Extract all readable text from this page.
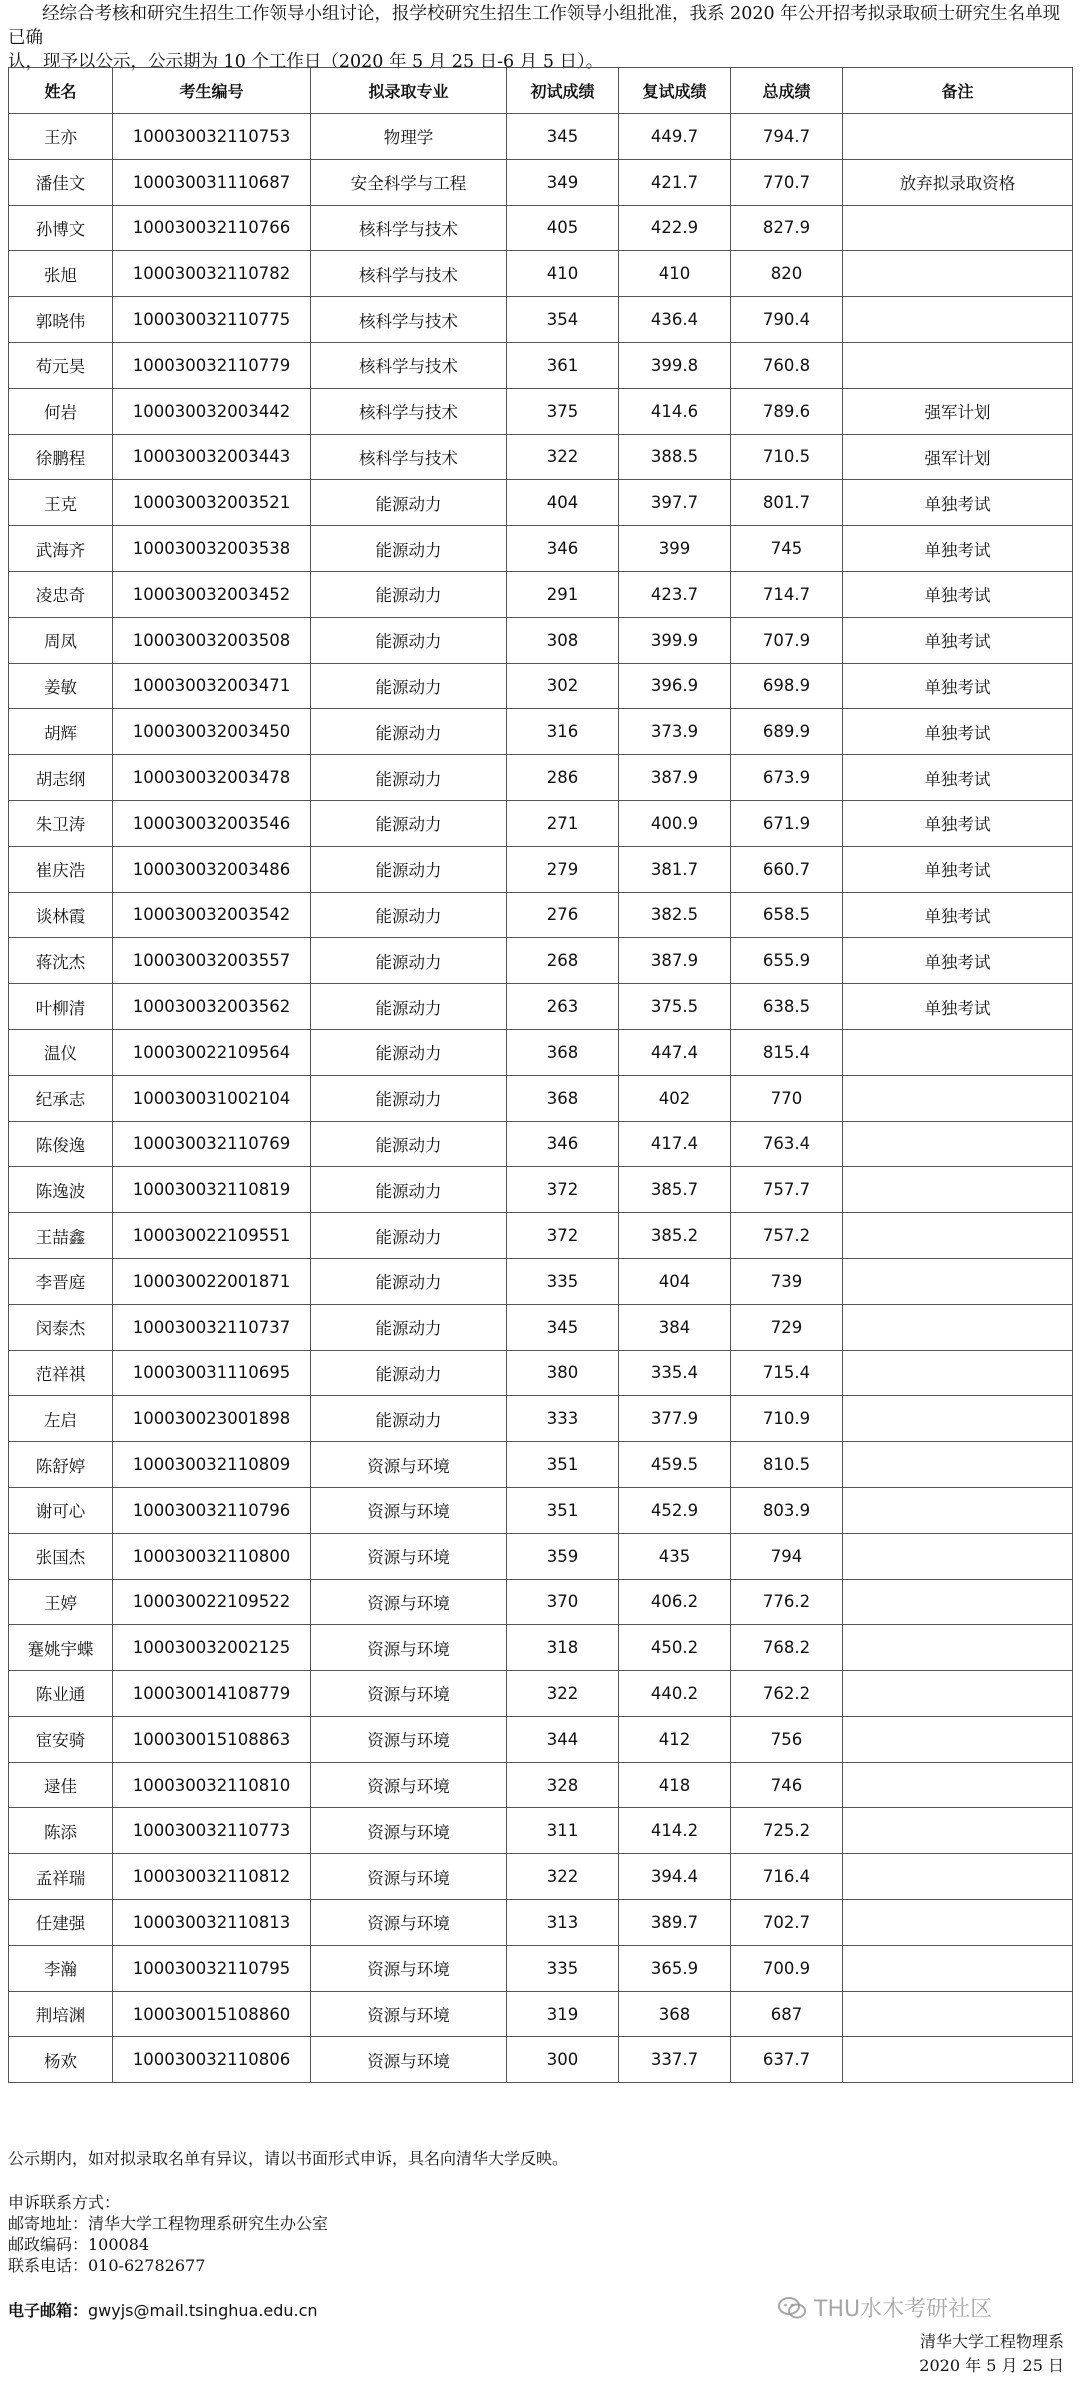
经综合考核和研究生招生工作领导小组讨论，报学校研究生招生工作领导小组批准，我系 2020 年公开招考拟录取硕士研究生名单现已确

认，现予以公示，公示期为 10 个工作日（2020 年 5 月 25 日-6 月 5 日）。

姓名	考生编号	拟录取专业	初试成绩	复试成绩	总成绩	备注
王亦	100030032110753	物理学	345	449.7	794.7	
潘佳文	100030031110687	安全科学与工程	349	421.7	770.7	放弃拟录取资格
孙博文	100030032110766	核科学与技术	405	422.9	827.9	
张旭	100030032110782	核科学与技术	410	410	820	
郭晓伟	100030032110775	核科学与技术	354	436.4	790.4	
苟元昊	100030032110779	核科学与技术	361	399.8	760.8	
何岩	100030032003442	核科学与技术	375	414.6	789.6	强军计划
徐鹏程	100030032003443	核科学与技术	322	388.5	710.5	强军计划
王克	100030032003521	能源动力	404	397.7	801.7	单独考试
武海齐	100030032003538	能源动力	346	399	745	单独考试
凌忠奇	100030032003452	能源动力	291	423.7	714.7	单独考试
周凤	100030032003508	能源动力	308	399.9	707.9	单独考试
姜敏	100030032003471	能源动力	302	396.9	698.9	单独考试
胡辉	100030032003450	能源动力	316	373.9	689.9	单独考试
胡志纲	100030032003478	能源动力	286	387.9	673.9	单独考试
朱卫涛	100030032003546	能源动力	271	400.9	671.9	单独考试
崔庆浩	100030032003486	能源动力	279	381.7	660.7	单独考试
谈林霞	100030032003542	能源动力	276	382.5	658.5	单独考试
蒋沈杰	100030032003557	能源动力	268	387.9	655.9	单独考试
叶柳清	100030032003562	能源动力	263	375.5	638.5	单独考试
温仪	100030022109564	能源动力	368	447.4	815.4	
纪承志	100030031002104	能源动力	368	402	770	
陈俊逸	100030032110769	能源动力	346	417.4	763.4	
陈逸波	100030032110819	能源动力	372	385.7	757.7	
王喆鑫	100030022109551	能源动力	372	385.2	757.2	
李晋庭	100030022001871	能源动力	335	404	739	
闵泰杰	100030032110737	能源动力	345	384	729	
范祥祺	100030031110695	能源动力	380	335.4	715.4	
左启	100030023001898	能源动力	333	377.9	710.9	
陈舒婷	100030032110809	资源与环境	351	459.5	810.5	
谢可心	100030032110796	资源与环境	351	452.9	803.9	
张国杰	100030032110800	资源与环境	359	435	794	
王婷	100030022109522	资源与环境	370	406.2	776.2	
蹇姚宇蝶	100030032002125	资源与环境	318	450.2	768.2	
陈业通	100030014108779	资源与环境	322	440.2	762.2	
宦安骑	100030015108863	资源与环境	344	412	756	
逯佳	100030032110810	资源与环境	328	418	746	
陈添	100030032110773	资源与环境	311	414.2	725.2	
孟祥瑞	100030032110812	资源与环境	322	394.4	716.4	
任建强	100030032110813	资源与环境	313	389.7	702.7	
李瀚	100030032110795	资源与环境	335	365.9	700.9	
荆培渊	100030015108860	资源与环境	319	368	687	
杨欢	100030032110806	资源与环境	300	337.7	637.7	

公示期内，如对拟录取名单有异议，请以书面形式申诉，具名向清华大学反映。

申诉联系方式：
邮寄地址：清华大学工程物理系研究生办公室
邮政编码：100084
联系电话：010-62782677
电子邮箱：gwyjs@mail.tsinghua.edu.cn	THU水木考研社区
清华大学工程物理系
2020 年 5 月 25 日
